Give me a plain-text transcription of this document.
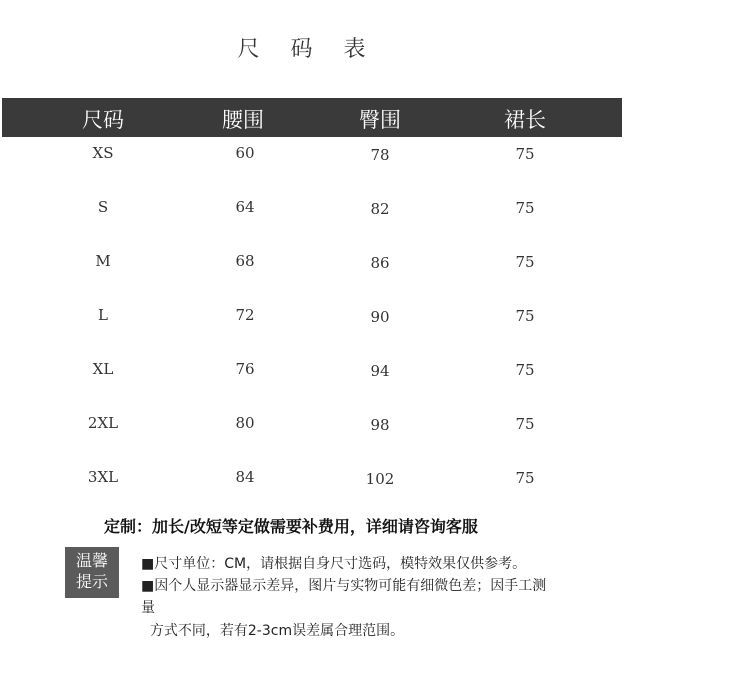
尺 码 表
尺码	腰围	臀围	裙长
XS	60	78	75
S	64	82	75
M	68	86	75
L	72	90	75
XL	76	94	75
2XL	80	98	75
3XL	84	102	75
定制：加长/改短等定做需要补费用，详细请咨询客服
温馨
提示
■尺寸单位：CM，请根据自身尺寸选码，模特效果仅供参考。
■因个人显示器显示差异，图片与实物可能有细微色差；因手工测
量
方式不同，若有2-3cm误差属合理范围。
